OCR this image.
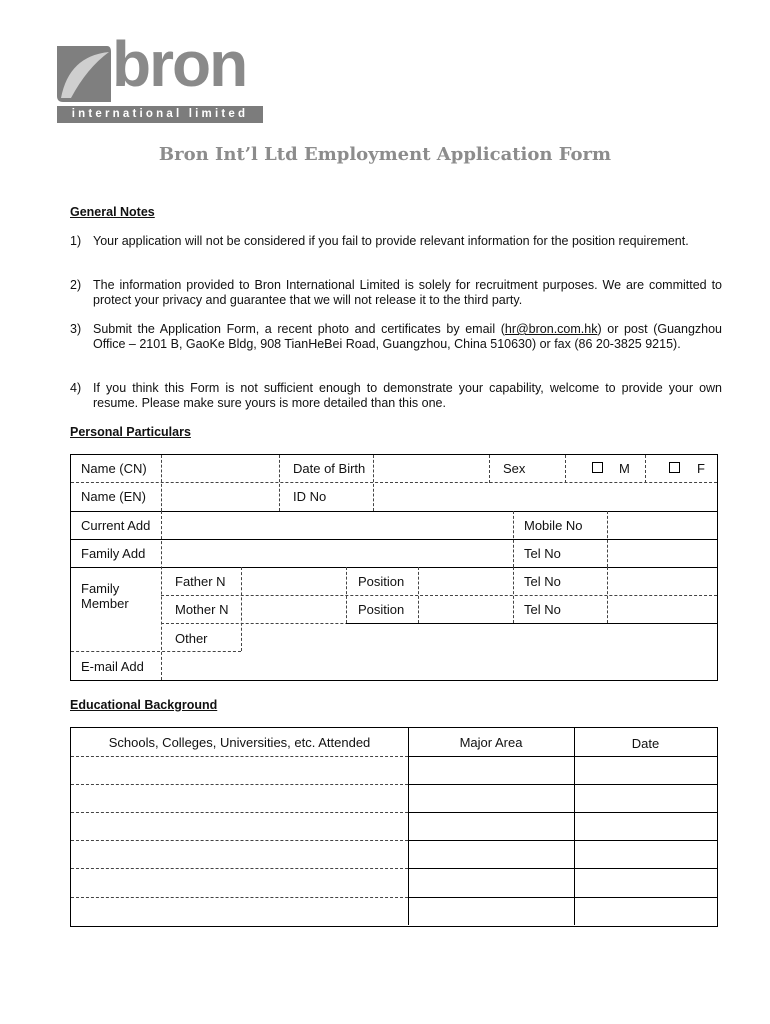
bron
international limited
Bron Int’l Ltd Employment Application Form
General Notes
1) Your application will not be considered if you fail to provide relevant information for the position requirement.
2) The information provided to Bron International Limited is solely for recruitment purposes. We are committed to protect your privacy and guarantee that we will not release it to the third party.
3) Submit the Application Form, a recent photo and certificates by email (hr@bron.com.hk) or post (Guangzhou Office – 2101 B, GaoKe Bldg, 908 TianHeBei Road, Guangzhou, China 510630) or fax (86 20-3825 9215).
4) If you think this Form is not sufficient enough to demonstrate your capability, welcome to provide your own resume. Please make sure yours is more detailed than this one.
Personal Particulars
Name (CN)	Date of Birth	Sex	M	F
Name (EN)	ID No
Current Add	Mobile No
Family Add	Tel No
Family Member
Father N	Position	Tel No
Mother N	Position	Tel No
Other
E-mail Add
Educational Background
Schools, Colleges, Universities, etc. Attended	Major Area	Date
